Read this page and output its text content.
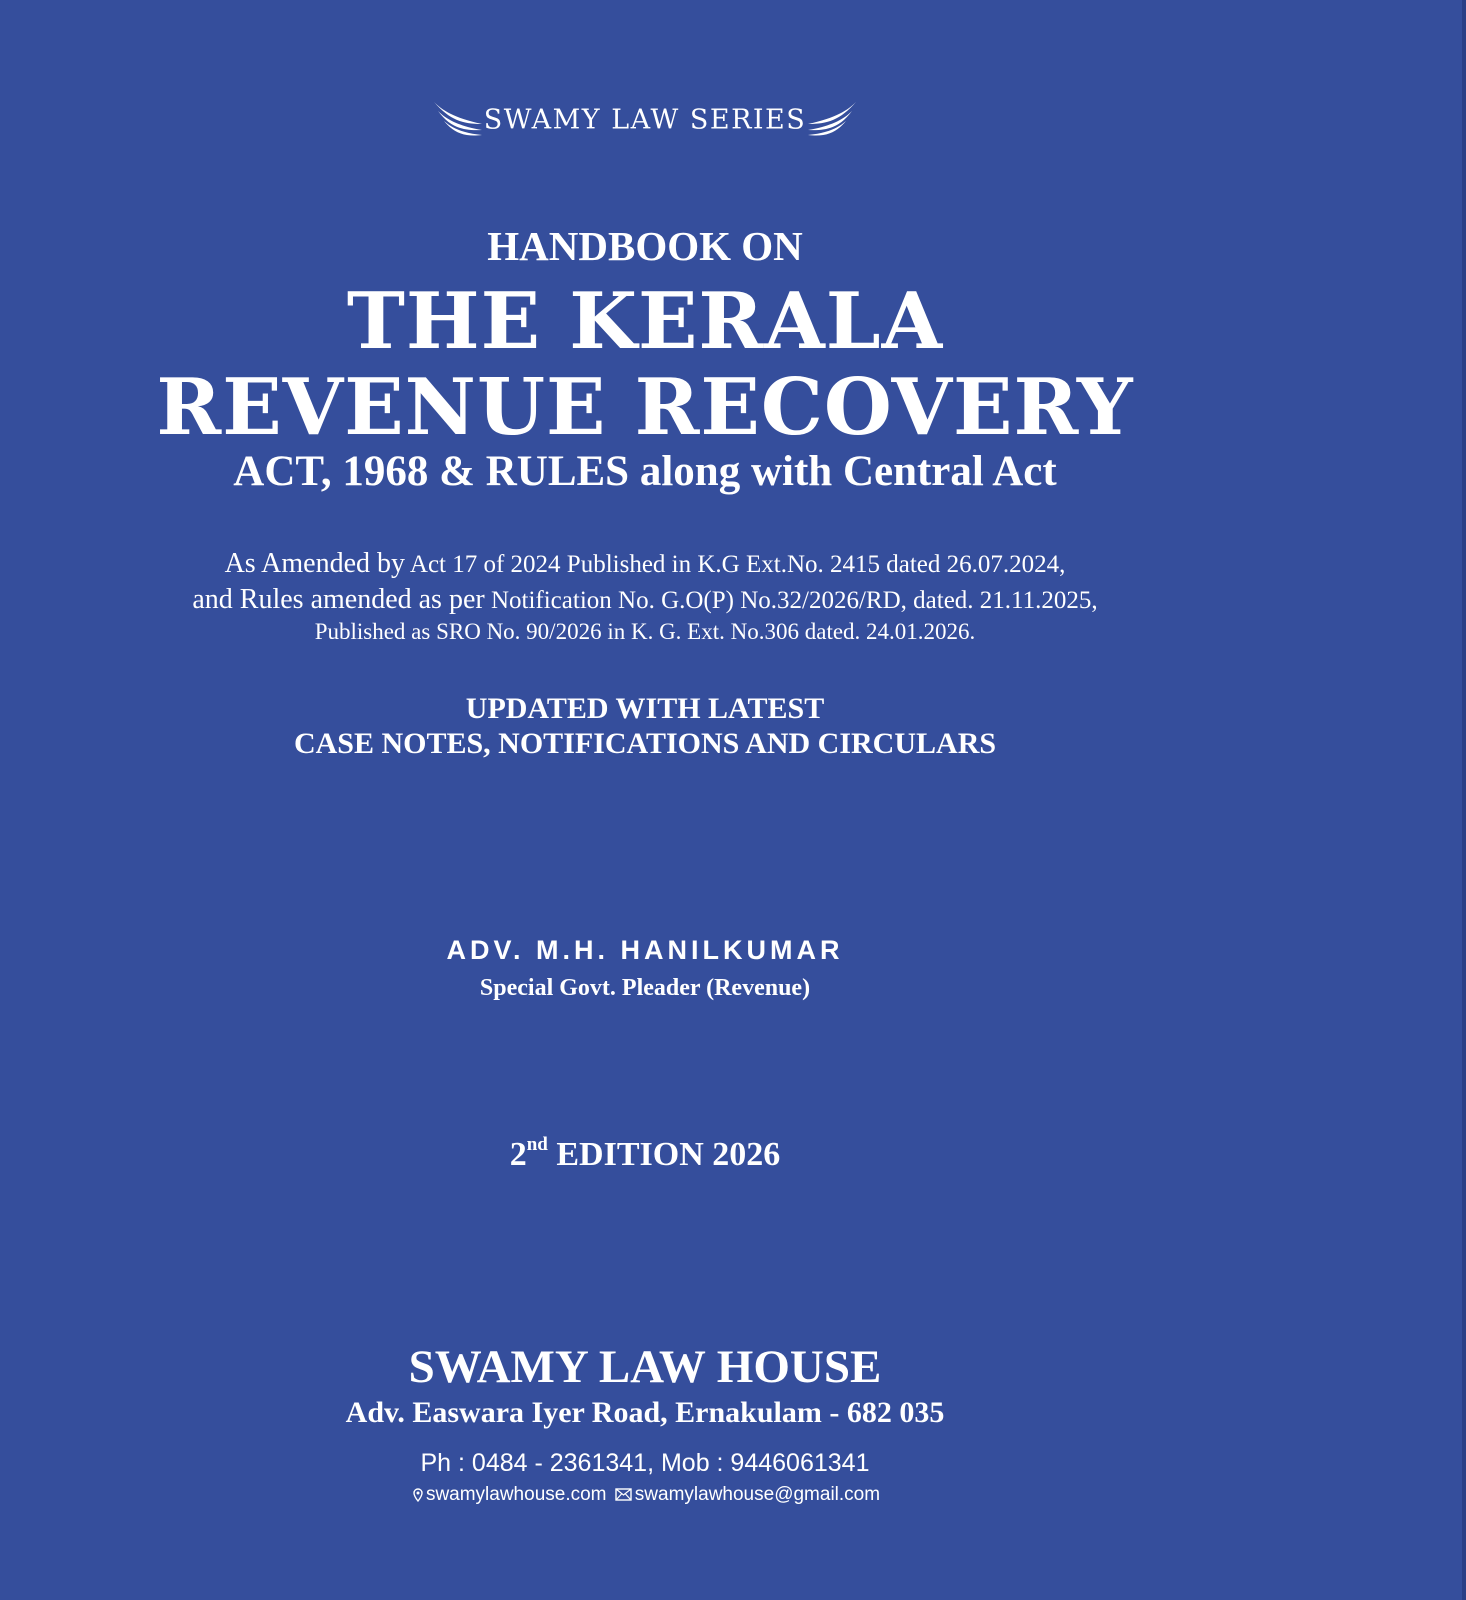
SWAMY LAW SERIES
HANDBOOK ON
THE KERALA
REVENUE RECOVERY
ACT, 1968 & RULES along with Central Act
As Amended by Act 17 of 2024 Published in K.G Ext.No. 2415 dated 26.07.2024,
and Rules amended as per Notification No. G.O(P) No.32/2026/RD, dated. 21.11.2025,
Published as SRO No. 90/2026 in K. G. Ext. No.306 dated. 24.01.2026.
UPDATED WITH LATEST
CASE NOTES, NOTIFICATIONS AND CIRCULARS
ADV. M.H. HANILKUMAR
Special Govt. Pleader (Revenue)
2nd EDITION 2026
SWAMY LAW HOUSE
Adv. Easwara Iyer Road, Ernakulam - 682 035
Ph : 0484 - 2361341, Mob : 9446061341
swamylawhouse.com swamylawhouse@gmail.com
